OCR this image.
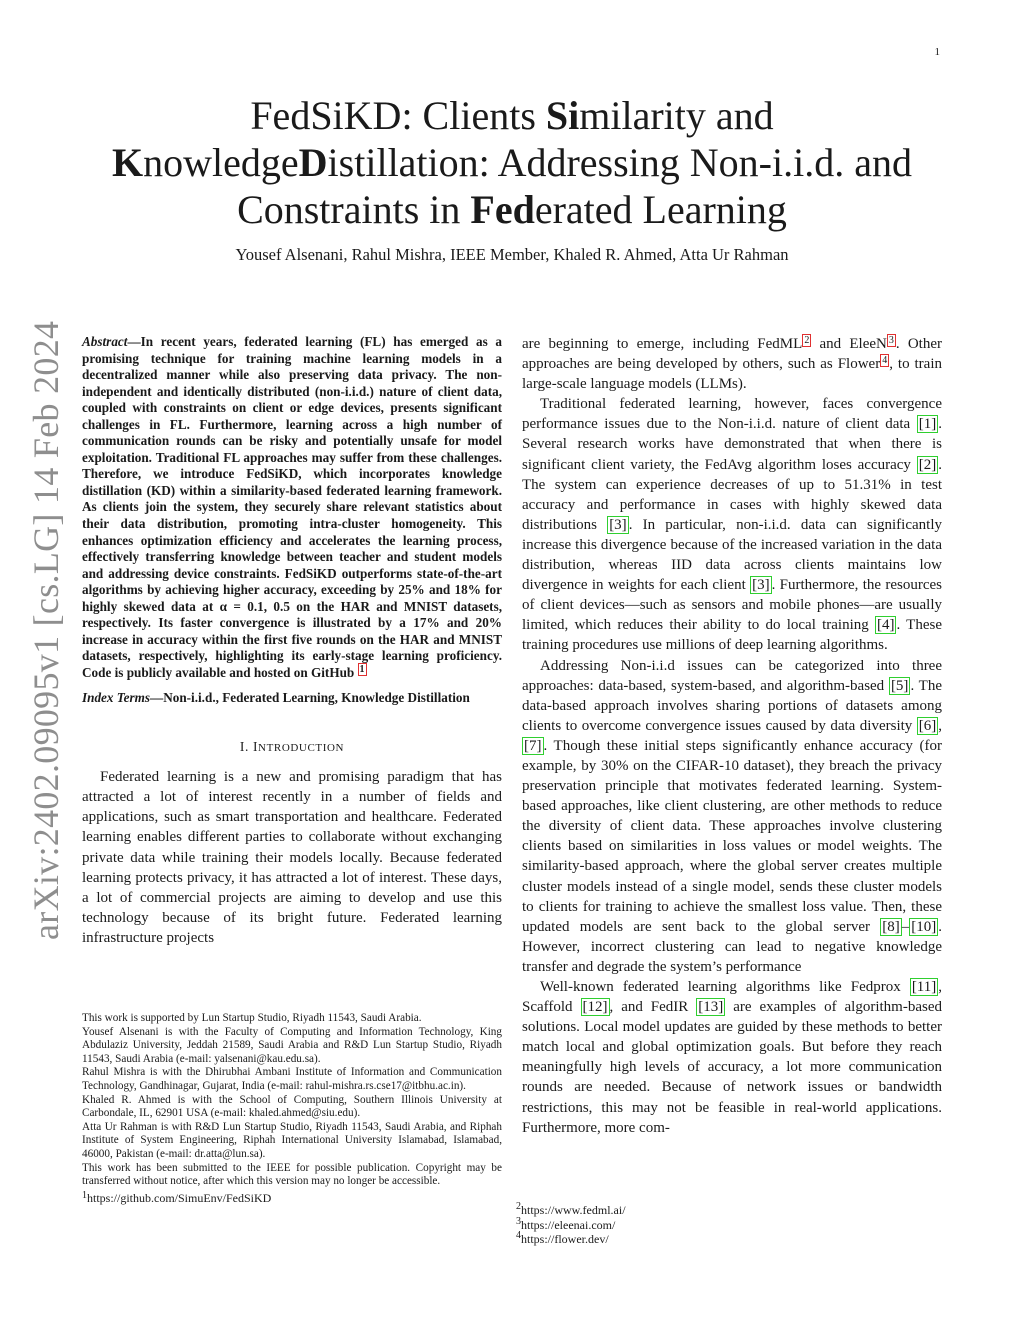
1
arXiv:2402.09095v1 [cs.LG] 14 Feb 2024
FedSiKD: Clients Similarity and
KnowledgeDistillation: Addressing Non-i.i.d. and
Constraints in Federated Learning
Yousef Alsenani, Rahul Mishra, IEEE Member, Khaled R. Ahmed, Atta Ur Rahman
Abstract—In recent years, federated learning (FL) has emerged as a promising technique for training machine learning models in a decentralized manner while also preserving data privacy. The non-independent and identically distributed (non-i.i.d.) nature of client data, coupled with constraints on client or edge devices, presents significant challenges in FL. Furthermore, learning across a high number of communication rounds can be risky and potentially unsafe for model exploitation. Traditional FL approaches may suffer from these challenges. Therefore, we introduce FedSiKD, which incorporates knowledge distillation (KD) within a similarity-based federated learning framework. As clients join the system, they securely share relevant statistics about their data distribution, promoting intra-cluster homogeneity. This enhances optimization efficiency and accelerates the learning process, effectively transferring knowledge between teacher and student models and addressing device constraints. FedSiKD outperforms state-of-the-art algorithms by achieving higher accuracy, exceeding by 25% and 18% for highly skewed data at α = 0.1, 0.5 on the HAR and MNIST datasets, respectively. Its faster convergence is illustrated by a 17% and 20% increase in accuracy within the first five rounds on the HAR and MNIST datasets, respectively, highlighting its early-stage learning proficiency. Code is publicly available and hosted on GitHub $^1$
Index Terms—Non-i.i.d., Federated Learning, Knowledge Distillation
I. INTRODUCTION

Federated learning is a new and promising paradigm that has attracted a lot of interest recently in a number of fields and applications, such as smart transportation and healthcare. Federated learning enables different parties to collaborate without exchanging private data while training their models locally. Because federated learning protects privacy, it has attracted a lot of interest. These days, a lot of commercial projects are aiming to develop and use this technology because of its bright future. Federated learning infrastructure projects

are beginning to emerge, including FedML $^2$ and EleeN $^3$ . Other approaches are being developed by others, such as Flower $^4$ , to train large-scale language models (LLMs).

Traditional federated learning, however, faces convergence performance issues due to the Non-i.i.d. nature of client data [1] . Several research works have demonstrated that when there is significant client variety, the FedAvg algorithm loses accuracy [2] . The system can experience decreases of up to 51.31% in test accuracy and performance in cases with highly skewed data distributions [3] . In particular, non-i.i.d. data can significantly increase this divergence because of the increased variation in the data distribution, whereas IID data across clients maintains low divergence in weights for each client [3] . Furthermore, the resources of client devices—such as sensors and mobile phones—are usually limited, which reduces their ability to do local training [4] . These training procedures use millions of deep learning algorithms.

Addressing Non-i.i.d issues can be categorized into three approaches: data-based, system-based, and algorithm-based [5] . The data-based approach involves sharing portions of datasets among clients to overcome convergence issues caused by data diversity [6] , [7] . Though these initial steps significantly enhance accuracy (for example, by 30% on the CIFAR-10 dataset), they breach the privacy preservation principle that motivates federated learning. System-based approaches, like client clustering, are other methods to reduce the diversity of client data. These approaches involve clustering clients based on similarities in loss values or model weights. The similarity-based approach, where the global server creates multiple cluster models instead of a single model, sends these cluster models to clients for training to achieve the smallest loss value. Then, these updated models are sent back to the global server [8] – [10] . However, incorrect clustering can lead to negative knowledge transfer and degrade the system’s performance

Well-known federated learning algorithms like Fedprox [11] , Scaffold [12] , and FedIR [13] are examples of algorithm-based solutions. Local model updates are guided by these methods to better match local and global optimization goals. But before they reach meaningfully high levels of accuracy, a lot more communication rounds are needed. Because of network issues or bandwidth restrictions, this may not be feasible in real-world applications. Furthermore, more com-

This work is supported by Lun Startup Studio, Riyadh 11543, Saudi Arabia.
Yousef Alsenani is with the Faculty of Computing and Information Technology, King Abdulaziz University, Jeddah 21589, Saudi Arabia and R&D Lun Startup Studio, Riyadh 11543, Saudi Arabia (e-mail: yalsenani@kau.edu.sa).
Rahul Mishra is with the Dhirubhai Ambani Institute of Information and Communication Technology, Gandhinagar, Gujarat, India (e-mail: rahul-mishra.rs.cse17@itbhu.ac.in).
Khaled R. Ahmed is with the School of Computing, Southern Illinois University at Carbondale, IL, 62901 USA (e-mail: khaled.ahmed@siu.edu).
Atta Ur Rahman is with R&D Lun Startup Studio, Riyadh 11543, Saudi Arabia, and Riphah Institute of System Engineering, Riphah International University Islamabad, Islamabad, 46000, Pakistan (e-mail: dr.atta@lun.sa).
This work has been submitted to the IEEE for possible publication. Copyright may be transferred without notice, after which this version may no longer be accessible.
$^1$https://github.com/SimuEnv/FedSiKD
$^2$https://www.fedml.ai/
$^3$https://eleenai.com/
$^4$https://flower.dev/
